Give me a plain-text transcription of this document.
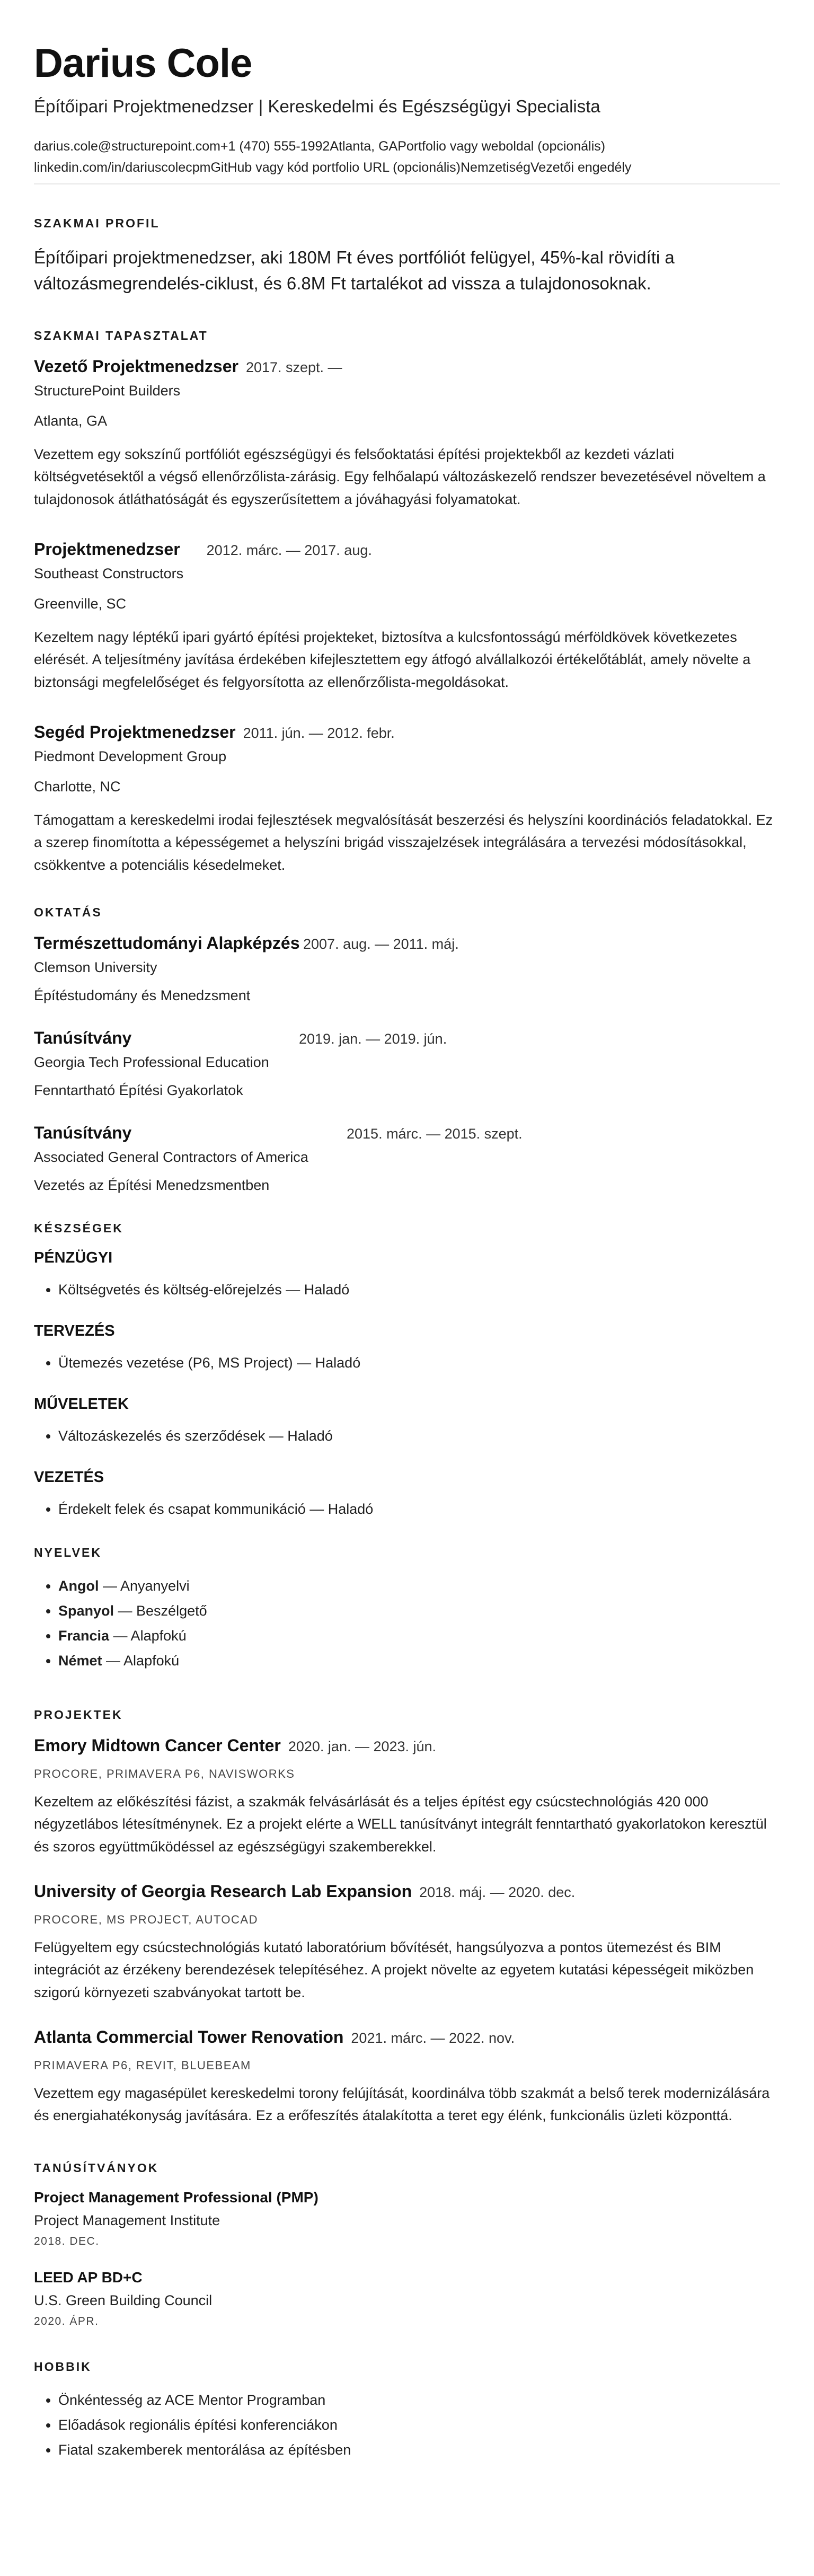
Darius Cole
Építőipari Projektmenedzser | Kereskedelmi és Egészségügyi Specialista
darius.cole@structurepoint.com+1 (470) 555-1992Atlanta, GAPortfolio vagy weboldal (opcionális)
linkedin.com/in/dariuscolecpmGitHub vagy kód portfolio URL (opcionális)NemzetiségVezetői engedély
SZAKMAI PROFIL

Építőipari projektmenedzser, aki 180M Ft éves portfóliót felügyel, 45%-kal rövidíti a változásmegrendelés-ciklust, és 6.8M Ft tartalékot ad vissza a tulajdonosoknak.

SZAKMAI TAPASZTALAT
Vezető Projektmenedzser 2017. szept. —
StructurePoint Builders
Atlanta, GA
Vezettem egy sokszínű portfóliót egészségügyi és felsőoktatási építési projektekből az kezdeti vázlati költségvetésektől a végső ellenőrzőlista-zárásig. Egy felhőalapú változáskezelő rendszer bevezetésével növeltem a tulajdonosok átláthatóságát és egyszerűsítettem a jóváhagyási folyamatokat.
Projektmenedzser 2012. márc. — 2017. aug.
Southeast Constructors
Greenville, SC
Kezeltem nagy léptékű ipari gyártó építési projekteket, biztosítva a kulcsfontosságú mérföldkövek következetes elérését. A teljesítmény javítása érdekében kifejlesztettem egy átfogó alvállalkozói értékelőtáblát, amely növelte a biztonsági megfelelőséget és felgyorsította az ellenőrzőlista-megoldásokat.
Segéd Projektmenedzser 2011. jún. — 2012. febr.
Piedmont Development Group
Charlotte, NC
Támogattam a kereskedelmi irodai fejlesztések megvalósítását beszerzési és helyszíni koordinációs feladatokkal. Ez a szerep finomította a képességemet a helyszíni brigád visszajelzések integrálására a tervezési módosításokkal, csökkentve a potenciális késedelmeket.
OKTATÁS
Természettudományi Alapképzés 2007. aug. — 2011. máj.
Clemson University
Építéstudomány és Menedzsment
Tanúsítvány	2019. jan. — 2019. jún.
Georgia Tech Professional Education
Fenntartható Építési Gyakorlatok
Tanúsítvány	2015. márc. — 2015. szept.
Associated General Contractors of America
Vezetés az Építési Menedzsmentben
KÉSZSÉGEK
PÉNZÜGYI
• Költségvetés és költség-előrejelzés — Haladó
TERVEZÉS
• Ütemezés vezetése (P6, MS Project) — Haladó
MŰVELETEK
• Változáskezelés és szerződések — Haladó
VEZETÉS
• Érdekelt felek és csapat kommunikáció — Haladó
NYELVEK
• Angol — Anyanyelvi
• Spanyol — Beszélgető
• Francia — Alapfokú
• Német — Alapfokú
PROJEKTEK
Emory Midtown Cancer Center 2020. jan. — 2023. jún.
PROCORE, PRIMAVERA P6, NAVISWORKS
Kezeltem az előkészítési fázist, a szakmák felvásárlását és a teljes építést egy csúcstechnológiás 420 000 négyzetlábos létesítménynek. Ez a projekt elérte a WELL tanúsítványt integrált fenntartható gyakorlatokon keresztül és szoros együttműködéssel az egészségügyi szakemberekkel.
University of Georgia Research Lab Expansion 2018. máj. — 2020. dec.
PROCORE, MS PROJECT, AUTOCAD
Felügyeltem egy csúcstechnológiás kutató laboratórium bővítését, hangsúlyozva a pontos ütemezést és BIM integrációt az érzékeny berendezések telepítéséhez. A projekt növelte az egyetem kutatási képességeit miközben szigorú környezeti szabványokat tartott be.
Atlanta Commercial Tower Renovation 2021. márc. — 2022. nov.
PRIMAVERA P6, REVIT, BLUEBEAM
Vezettem egy magasépület kereskedelmi torony felújítását, koordinálva több szakmát a belső terek modernizálására és energiahatékonyság javítására. Ez a erőfeszítés átalakította a teret egy élénk, funkcionális üzleti központtá.
TANÚSÍTVÁNYOK
Project Management Professional (PMP)
Project Management Institute
2018. DEC.
LEED AP BD+C
U.S. Green Building Council
2020. ÁPR.
HOBBIK
• Önkéntesség az ACE Mentor Programban
• Előadások regionális építési konferenciákon
• Fiatal szakemberek mentorálása az építésben
